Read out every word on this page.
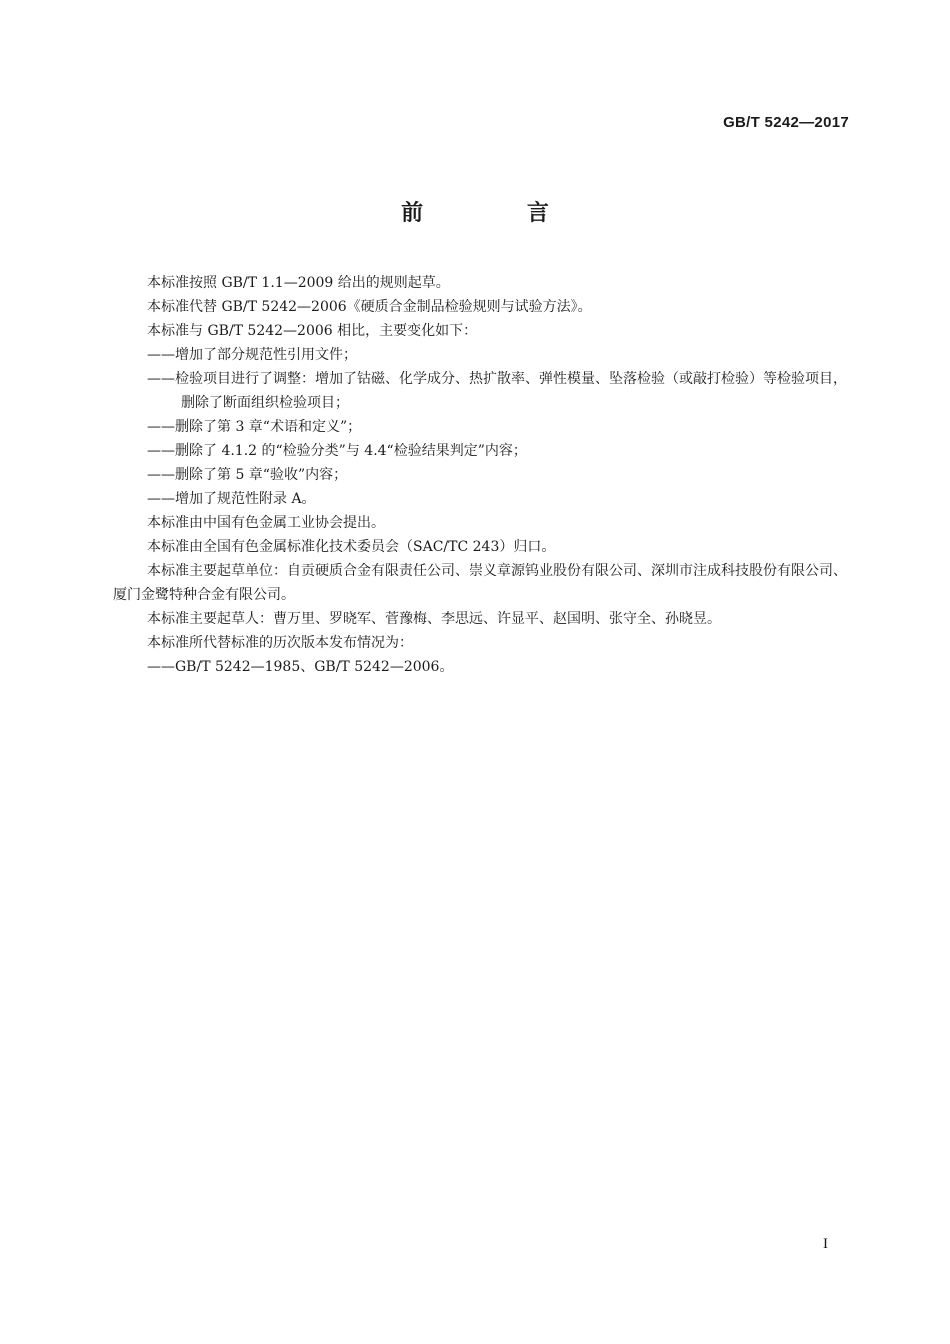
GB/T 5242—2017
前 言

本标准按照 GB/T 1.1—2009 给出的规则起草。

本标准代替 GB/T 5242—2006《硬质合金制品检验规则与试验方法》。

本标准与 GB/T 5242—2006 相比，主要变化如下：

——增加了部分规范性引用文件；

——检验项目进行了调整：增加了钴磁、化学成分、热扩散率、弹性模量、坠落检验（或敲打检验）等检验项目，删除了断面组织检验项目；

——删除了第 3 章“术语和定义”；

——删除了 4.1.2 的“检验分类”与 4.4“检验结果判定”内容；

——删除了第 5 章“验收”内容；

——增加了规范性附录 A。

本标准由中国有色金属工业协会提出。

本标准由全国有色金属标准化技术委员会（SAC/TC 243）归口。

本标准主要起草单位：自贡硬质合金有限责任公司、崇义章源钨业股份有限公司、深圳市注成科技股份有限公司、厦门金鹭特种合金有限公司。

本标准主要起草人：曹万里、罗晓军、菅豫梅、李思远、许显平、赵国明、张守全、孙晓昱。

本标准所代替标准的历次版本发布情况为：

——GB/T 5242—1985、GB/T 5242—2006。

I
